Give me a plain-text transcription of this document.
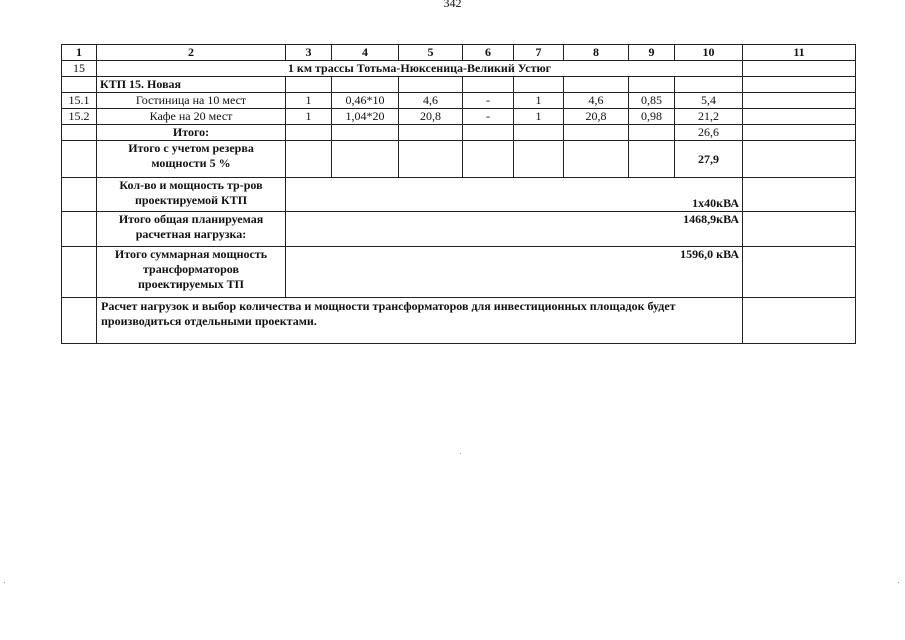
342
1	2	3	4	5	6	7	8	9	10	11
15	1 км трассы Тотьма-Нюксеница-Великий Устюг									
	КТП 15. Новая									
15.1	Гостиница на 10 мест	1	0,46*10	4,6	-	1	4,6	0,85	5,4	
15.2	Кафе на 20 мест	1	1,04*20	20,8	-	1	20,8	0,98	21,2	
	Итого:								26,6	
	Итого с учетом резерва мощности 5 %								27,9	
	Кол-во и мощность тр-ров проектируемой КТП	1х40кВА								
	Итого общая планируемая расчетная нагрузка:	1468,9кВА								
	Итого суммарная мощность трансформаторов проектируемых ТП	1596,0 кВА								
	Расчет нагрузок и выбор количества и мощности трансформаторов для инвестиционных площадок будет производиться отдельными проектами.									
